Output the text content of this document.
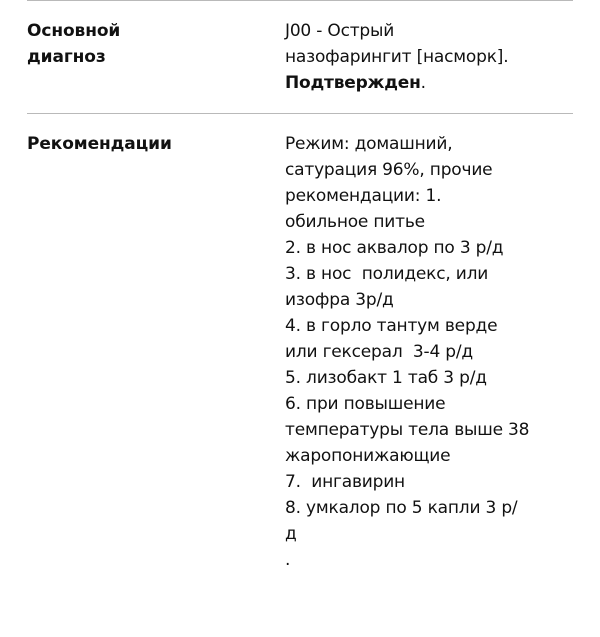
Основной
диагноз
J00 - Острый
назофарингит [насморк].
Подтвержден.
Рекомендации	Режим: домашний,
сатурация 96%, прочие
рекомендации: 1.
обильное питье
2. в нос аквалор по 3 р/д
3. в нос  полидекс, или
изофра 3р/д
4. в горло тантум верде
или гексерал  3-4 р/д
5. лизобакт 1 таб 3 р/д
6. при повышение
температуры тела выше 38
жаропонижающие
7.  ингавирин
8. умкалор по 5 капли 3 р/
д
.
